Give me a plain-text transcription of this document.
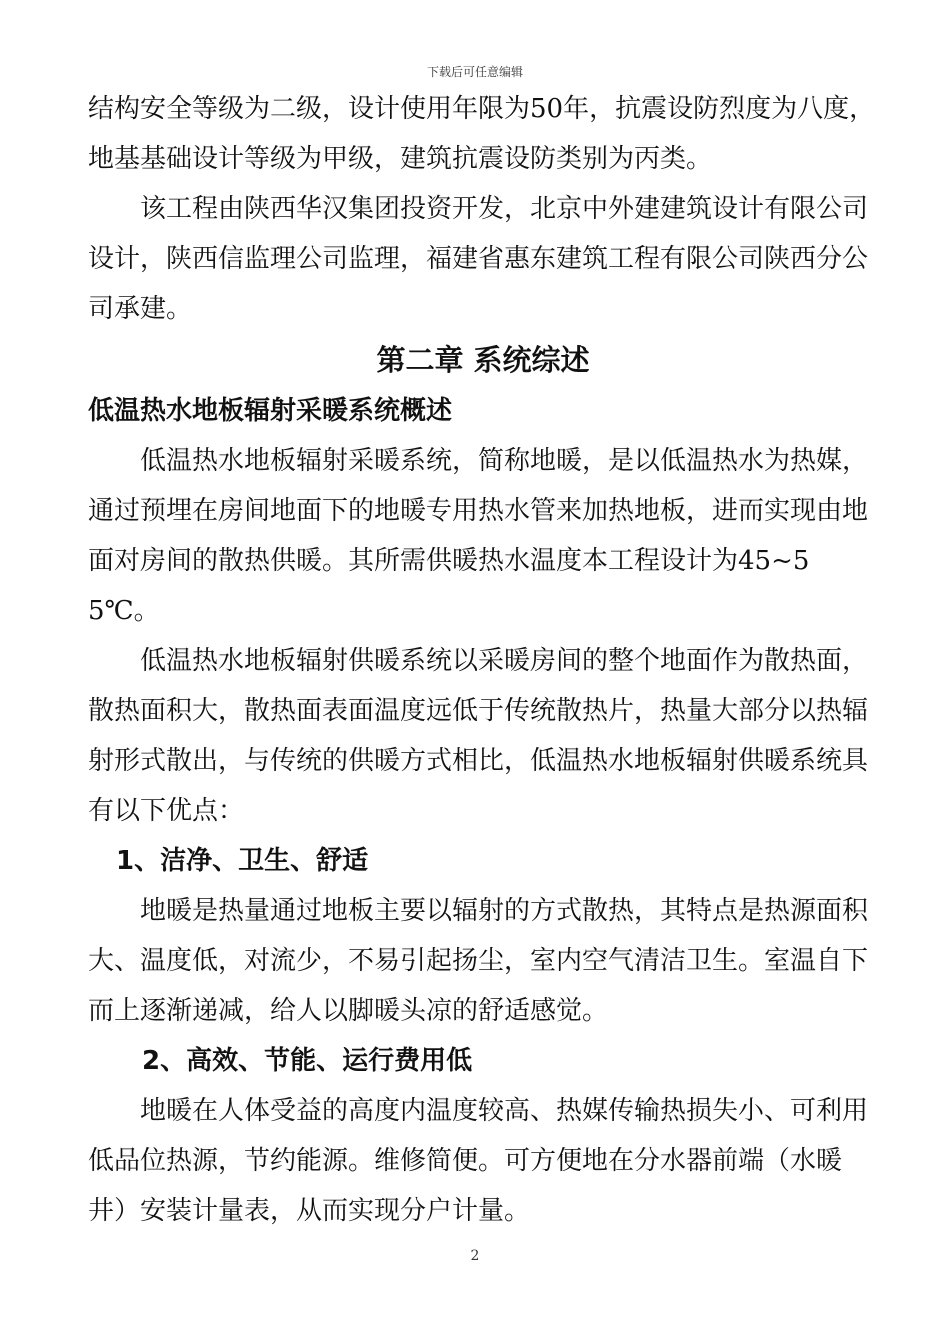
下载后可任意编辑

结构安全等级为二级，设计使用年限为50年，抗震设防烈度为八度，地基基础设计等级为甲级，建筑抗震设防类别为丙类。

该工程由陕西华汉集团投资开发，北京中外建建筑设计有限公司设计，陕西信监理公司监理，福建省惠东建筑工程有限公司陕西分公司承建。

第二章 系统综述

低温热水地板辐射采暖系统概述

低温热水地板辐射采暖系统，简称地暖，是以低温热水为热媒，通过预埋在房间地面下的地暖专用热水管来加热地板，进而实现由地面对房间的散热供暖。其所需供暖热水温度本工程设计为45~55℃。

低温热水地板辐射供暖系统以采暖房间的整个地面作为散热面，散热面积大，散热面表面温度远低于传统散热片，热量大部分以热辐射形式散出，与传统的供暖方式相比，低温热水地板辐射供暖系统具有以下优点：

1、洁净、卫生、舒适

地暖是热量通过地板主要以辐射的方式散热，其特点是热源面积大、温度低，对流少，不易引起扬尘，室内空气清洁卫生。室温自下而上逐渐递减，给人以脚暖头凉的舒适感觉。

2、高效、节能、运行费用低

地暖在人体受益的高度内温度较高、热媒传输热损失小、可利用低品位热源，节约能源。维修简便。可方便地在分水器前端（水暖井）安装计量表，从而实现分户计量。

2
